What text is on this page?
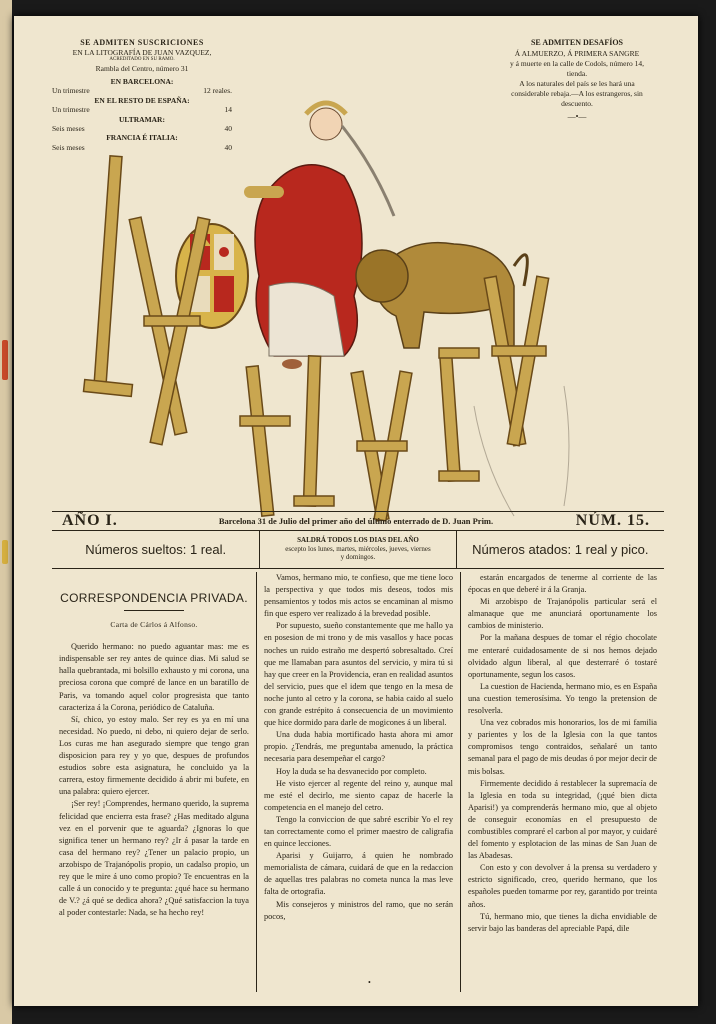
SE ADMITEN SUSCRICIONES
EN LA LITOGRAFÍA DE JUAN VAZQUEZ,
ACREDITADO EN SU RAMO.
Rambla del Centro, número 31
EN BARCELONA:
Un trimestre	12 reales.
EN EL RESTO DE ESPAÑA:
Un trimestre	14
ULTRAMAR:
Seis meses	40
FRANCIA É ITALIA:
Seis meses	40
SE ADMITEN DESAFÍOS
Á ALMUERZO, Á PRIMERA SANGRE
y á muerte en la calle de Codols, número 14, tienda.
A los naturales del país se les hará una considerable rebaja.—A los estrangeros, sin descuento.
—•—
AÑO I.	Barcelona 31 de Julio del primer año del último enterrado de D. Juan Prim.	NÚM. 15.
Números sueltos: 1 real.
SALDRÁ TODOS LOS DIAS DEL AÑO
escepto los lunes, martes, miércoles, jueves, viernes
y domingos.
Números atados: 1 real y pico.
CORRESPONDENCIA PRIVADA.
Carta de Cárlos á Alfonso.

Querido hermano: no puedo aguantar mas: me es indispensable ser rey antes de quince dias. Mi salud se halla quebrantada, mi bolsillo exhausto y mi corona, una preciosa corona que compré de lance en un baratillo de Paris, va tomando aquel color progresista que tanto caracteriza á la Corona, periódico de Cataluña.

Sí, chico, yo estoy malo. Ser rey es ya en mí una necesidad. No puedo, ni debo, ni quiero dejar de serlo. Los curas me han asegurado siempre que tengo gran disposicion para rey y yo que, despues de profundos estudios sobre esta asignatura, he concluido ya la carrera, estoy firmemente decidido á abrir mi bufete, en una palabra: quiero ejercer.

¡Ser rey! ¡Comprendes, hermano querido, la suprema felicidad que encierra esta frase? ¿Has meditado alguna vez en el porvenir que te aguarda? ¿Ignoras lo que significa tener un hermano rey? ¿Ir á pasar la tarde en casa del hermano rey? ¿Tener un palacio propio, un arzobispo de Trajanópolis propio, un cadalso propio, un rey que le mire á uno como propio? Te encuentras en la calle á un conocido y te pregunta: ¿qué hace su hermano de V.? ¿á qué se dedica ahora? ¿Qué satisfaccion la tuya al poder contestarle: Nada, se ha hecho rey!

Vamos, hermano mio, te confieso, que me tiene loco la perspectiva y que todos mis deseos, todos mis pensamientos y todos mis actos se encaminan al mismo fin que espero ver realizado á la brevedad posible.

Por supuesto, sueño constantemente que me hallo ya en posesion de mi trono y de mis vasallos y hace pocas noches un ruido estraño me despertó sobresaltado. Creí que me llamaban para asuntos del servicio, y mira tú si hay que creer en la Providencia, eran en realidad asuntos del servicio, pues que el idem que tengo en la mesa de noche junto al cetro y la corona, se habia caido al suelo con grande estrépito á consecuencia de un movimiento que hice dormido para darle de mogicones á un liberal.

Una duda habia mortificado hasta ahora mi amor propio. ¿Tendrás, me preguntaba amenudo, la práctica necesaria para desempeñar el cargo?

Hoy la duda se ha desvanecido por completo.

He visto ejercer al regente del reino y, aunque mal me esté el decirlo, me siento capaz de hacerle la competencia en el manejo del cetro.

Tengo la conviccion de que sabré escribir Yo el rey tan correctamente como el primer maestro de caligrafia en quince lecciones.

Aparisi y Guijarro, á quien he nombrado memorialista de cámara, cuidará de que en la redaccion de aquellas tres palabras no cometa nunca la mas leve falta de ortografia.

Mis consejeros y ministros del ramo, que no serán pocos,

estarán encargados de tenerme al corriente de las épocas en que deberé ir á la Granja.

Mi arzobispo de Trajanópolis particular será el almanaque que me anunciará oportunamente los cambios de ministerio.

Por la mañana despues de tomar el régio chocolate me enteraré cuidadosamente de si nos hemos dejado olvidado algun liberal, al que desterraré ó tostaré oportunamente, segun los casos.

La cuestion de Hacienda, hermano mio, es en España una cuestion temerosísima. Yo tengo la pretension de resolverla.

Una vez cobrados mis honorarios, los de mi familia y parientes y los de la Iglesia con la que tantos compromisos tengo contraidos, señalaré un tanto semanal para el pago de mis deudas ó por mejor decir de mis bolsas.

Firmemente decidido á restablecer la supremacía de la Iglesia en toda su integridad, (¡qué bien dicta Aparisi!) ya comprenderás hermano mio, que al objeto de conseguir economías en el presupuesto de combustibles compraré el carbon al por mayor, y cuidaré del fomento y esplotacion de las minas de San Juan de las Abadesas.

Con esto y con devolver á la prensa su verdadero y estricto significado, creo, querido hermano, que los españoles pueden tomarme por rey, garantido por treinta años.

Tú, hermano mio, que tienes la dicha envidiable de servir bajo las banderas del apreciable Papá, dile

•
